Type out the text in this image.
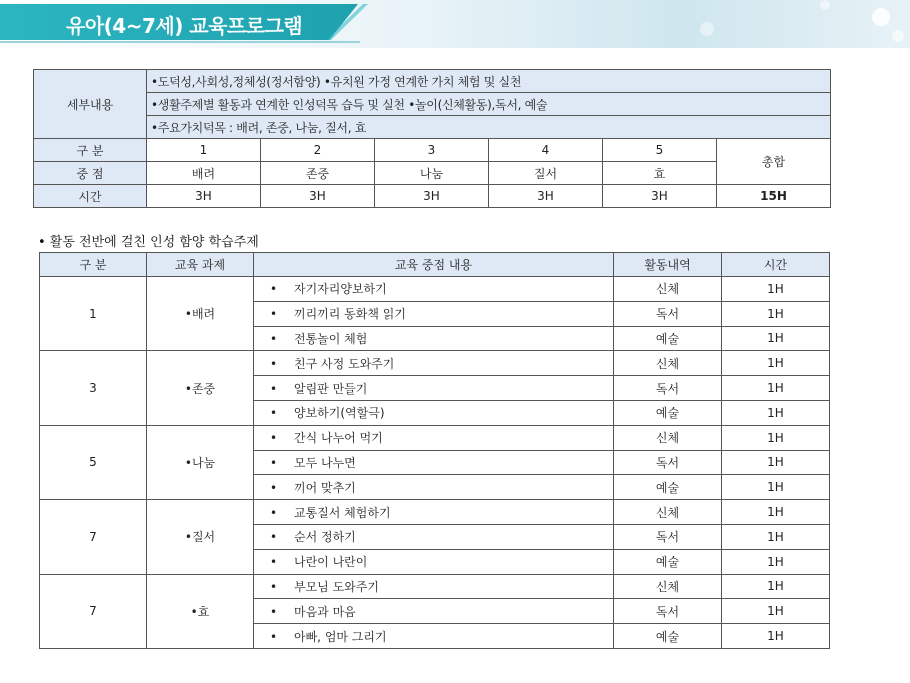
유아(4~7세) 교육프로그램
세부내용	•도덕성,사회성,정체성(정서함양) •유치원 가정 연계한 가치 체험 및 실천					
	•생활주제별 활동과 연계한 인성덕목 습득 및 실천 •놀이(신체활동),독서, 예술					
	•주요가치덕목 : 배려, 존중, 나눔, 질서, 효					
구 분	1	2	3	4	5	총합
중 점	배려	존중	나눔	질서	효	
시간	3H	3H	3H	3H	3H	15H
• 활동 전반에 걸친 인성 함양 학습주제
구 분	교육 과제	교육 중점 내용	활동내역	시간
1	•배려	• 자기자리양보하기	신체	1H
		• 끼리끼리 동화책 읽기	독서	1H
		• 전통놀이 체험	예술	1H
3	•존중	• 친구 사정 도와주기	신체	1H
		• 알림판 만들기	독서	1H
		• 양보하기(역할극)	예술	1H
5	•나눔	• 간식 나누어 먹기	신체	1H
		• 모두 나누면	독서	1H
		• 끼어 맞추기	예술	1H
7	•질서	• 교통질서 체험하기	신체	1H
		• 순서 정하기	독서	1H
		• 나란이 나란이	예술	1H
7	•효	• 부모님 도와주기	신체	1H
		• 마음과 마음	독서	1H
		• 아빠, 엄마 그리기	예술	1H
